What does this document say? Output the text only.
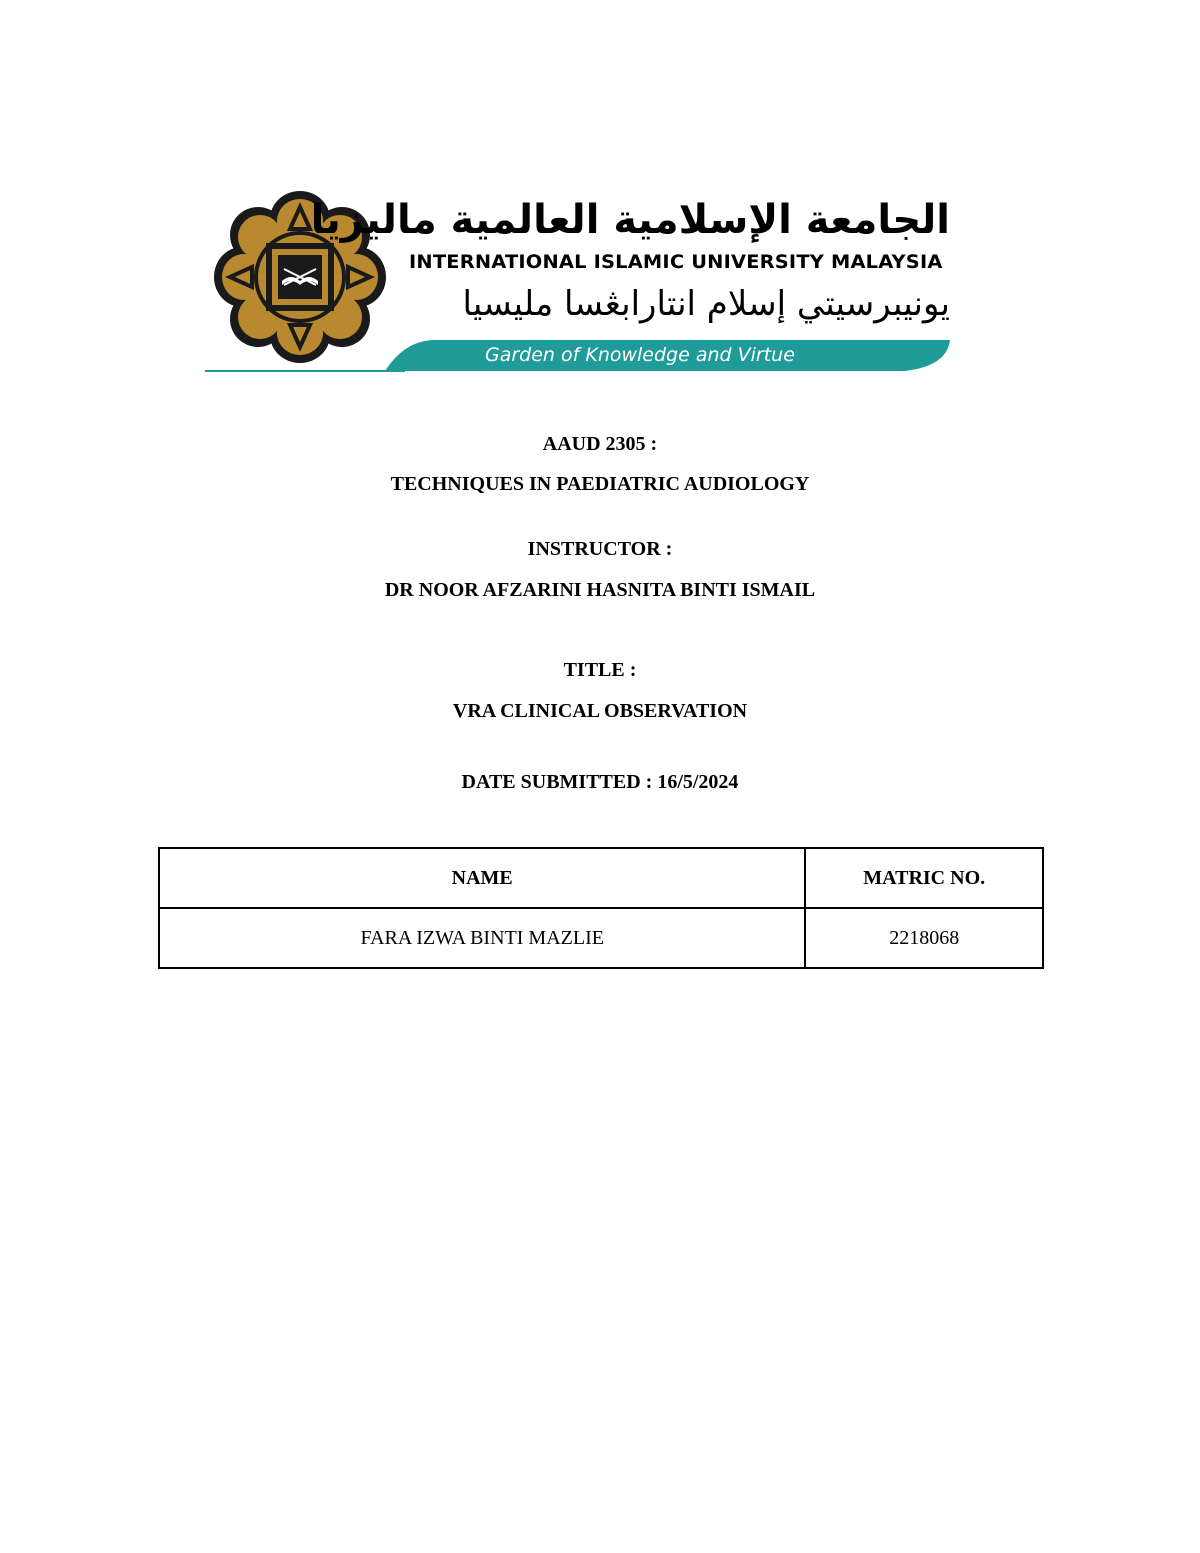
الجامعة الإسلامية العالمية ماليزيا
INTERNATIONAL ISLAMIC UNIVERSITY MALAYSIA
يونيبرسيتي إسلام انتارابڠسا مليسيا
Garden of Knowledge and Virtue
AAUD 2305 :
TECHNIQUES IN PAEDIATRIC AUDIOLOGY
INSTRUCTOR :
DR NOOR AFZARINI HASNITA BINTI ISMAIL
TITLE :
VRA CLINICAL OBSERVATION
DATE SUBMITTED : 16/5/2024
NAME	MATRIC NO.
FARA IZWA BINTI MAZLIE	2218068
